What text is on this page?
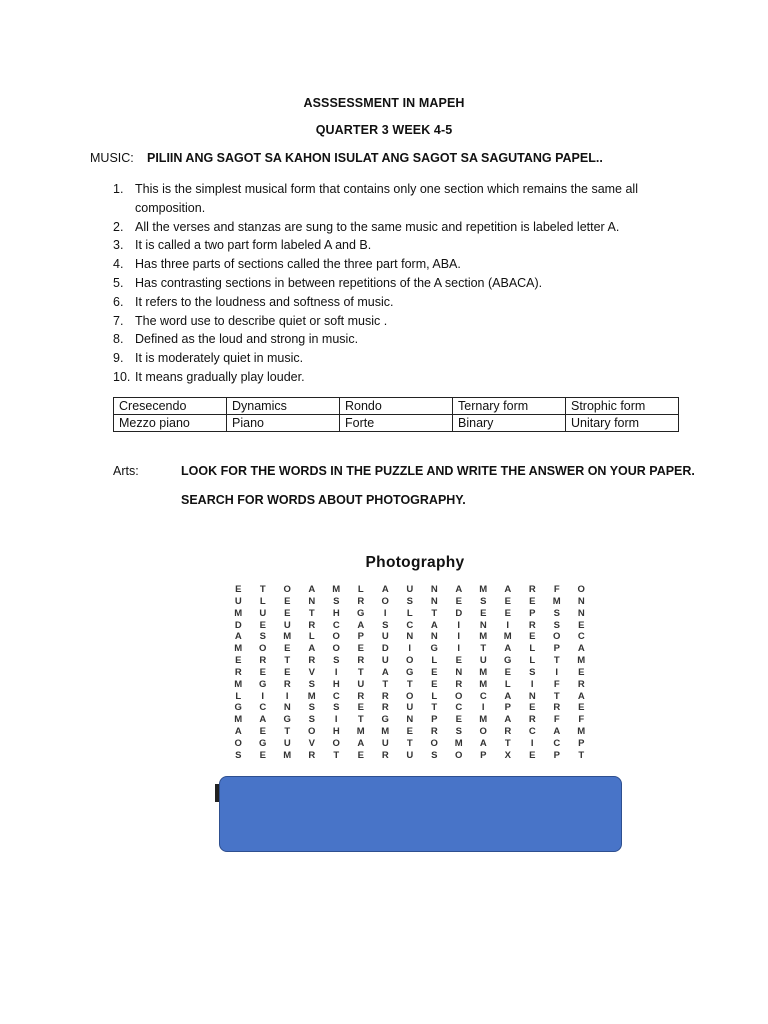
ASSSESSMENT IN MAPEH
QUARTER 3 WEEK 4-5
MUSIC: PILIIN ANG SAGOT SA KAHON ISULAT ANG SAGOT SA SAGUTANG PAPEL..
1. This is the simplest musical form that contains only one section which remains the same all composition.
2. All the verses and stanzas are sung to the same music and repetition is labeled letter A.
3. It is called a two part form labeled A and B.
4. Has three parts of sections called the three part form, ABA.
5. Has contrasting sections in between repetitions of the A section (ABACA).
6. It refers to the loudness and softness of music.
7. The word use to describe quiet or soft music .
8. Defined as the loud and strong in music.
9. It is moderately quiet in music.
10. It means gradually play louder.
Cresecendo	Dynamics	Rondo	Ternary form	Strophic form
Mezzo piano	Piano	Forte	Binary	Unitary form
Arts:	LOOK FOR THE WORDS IN THE PUZZLE AND WRITE THE ANSWER ON YOUR PAPER.
SEARCH FOR WORDS ABOUT PHOTOGRAPHY.
Photography
E	T	O	A	M	L	A	U	N	A	M	A	R	F	O
U	L	E	N	S	R	O	S	N	E	S	E	E	M	N
M	U	E	T	H	G	I	L	T	D	E	E	P	S	N
D	E	U	R	C	A	S	C	A	I	N	I	R	S	E
A	S	M	L	O	P	U	N	N	I	M	M	E	O	C
M	O	E	A	O	E	D	I	G	I	T	A	L	P	A
E	R	T	R	S	R	U	O	L	E	U	G	L	T	M
R	E	E	V	I	T	A	G	E	N	M	E	S	I	E
M	G	R	S	H	U	T	T	E	R	M	L	I	F	R
L	I	I	M	C	R	R	O	L	O	C	A	N	T	A
G	C	N	S	S	E	R	U	T	C	I	P	E	R	E
M	A	G	S	I	T	G	N	P	E	M	A	R	F	F
A	E	T	O	H	M	M	E	R	S	O	R	C	A	M
O	G	U	V	O	A	U	T	O	M	A	T	I	C	P
S	E	M	R	T	E	R	U	S	O	P	X	E	P	T
